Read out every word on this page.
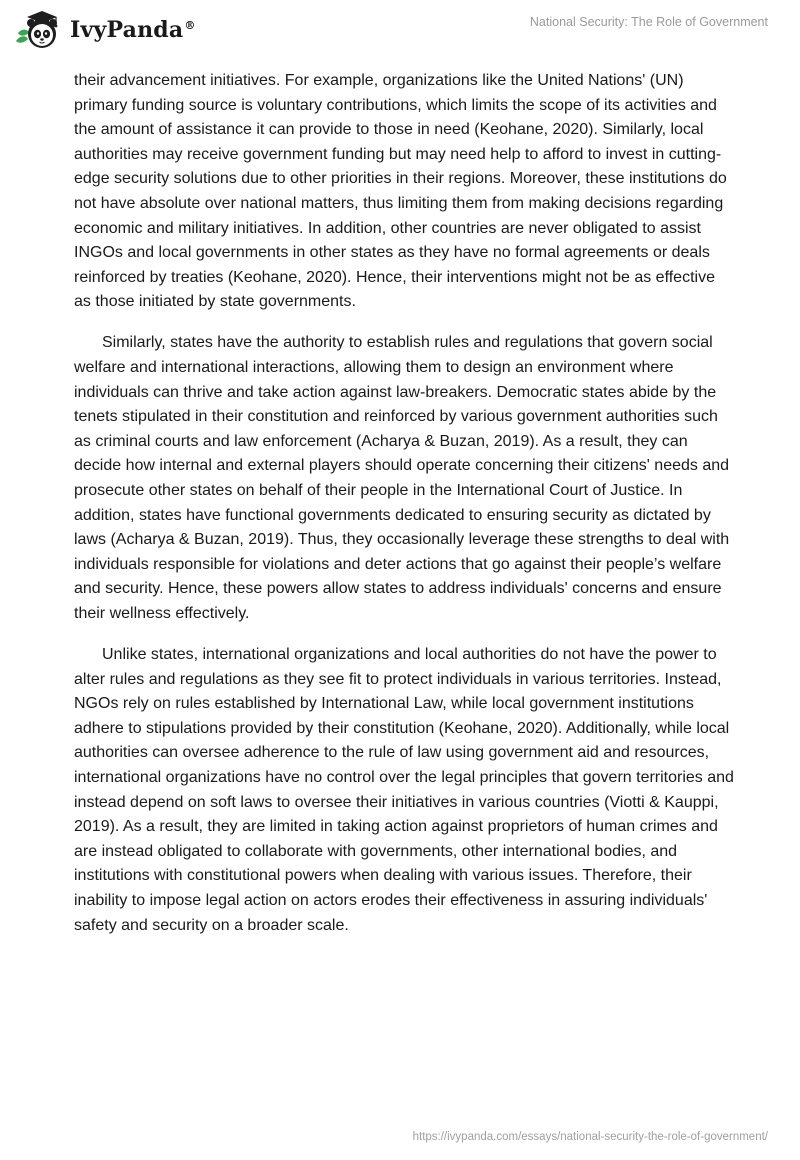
IvyPanda®	National Security: The Role of Government

their advancement initiatives. For example, organizations like the United Nations' (UN) primary funding source is voluntary contributions, which limits the scope of its activities and the amount of assistance it can provide to those in need (Keohane, 2020). Similarly, local authorities may receive government funding but may need help to afford to invest in cutting-edge security solutions due to other priorities in their regions. Moreover, these institutions do not have absolute over national matters, thus limiting them from making decisions regarding economic and military initiatives. In addition, other countries are never obligated to assist INGOs and local governments in other states as they have no formal agreements or deals reinforced by treaties (Keohane, 2020). Hence, their interventions might not be as effective as those initiated by state governments.

Similarly, states have the authority to establish rules and regulations that govern social welfare and international interactions, allowing them to design an environment where individuals can thrive and take action against law-breakers. Democratic states abide by the tenets stipulated in their constitution and reinforced by various government authorities such as criminal courts and law enforcement (Acharya & Buzan, 2019). As a result, they can decide how internal and external players should operate concerning their citizens' needs and prosecute other states on behalf of their people in the International Court of Justice. In addition, states have functional governments dedicated to ensuring security as dictated by laws (Acharya & Buzan, 2019). Thus, they occasionally leverage these strengths to deal with individuals responsible for violations and deter actions that go against their people’s welfare and security. Hence, these powers allow states to address individuals' concerns and ensure their wellness effectively.

Unlike states, international organizations and local authorities do not have the power to alter rules and regulations as they see fit to protect individuals in various territories. Instead, NGOs rely on rules established by International Law, while local government institutions adhere to stipulations provided by their constitution (Keohane, 2020). Additionally, while local authorities can oversee adherence to the rule of law using government aid and resources, international organizations have no control over the legal principles that govern territories and instead depend on soft laws to oversee their initiatives in various countries (Viotti & Kauppi, 2019). As a result, they are limited in taking action against proprietors of human crimes and are instead obligated to collaborate with governments, other international bodies, and institutions with constitutional powers when dealing with various issues. Therefore, their inability to impose legal action on actors erodes their effectiveness in assuring individuals' safety and security on a broader scale.

https://ivypanda.com/essays/national-security-the-role-of-government/
